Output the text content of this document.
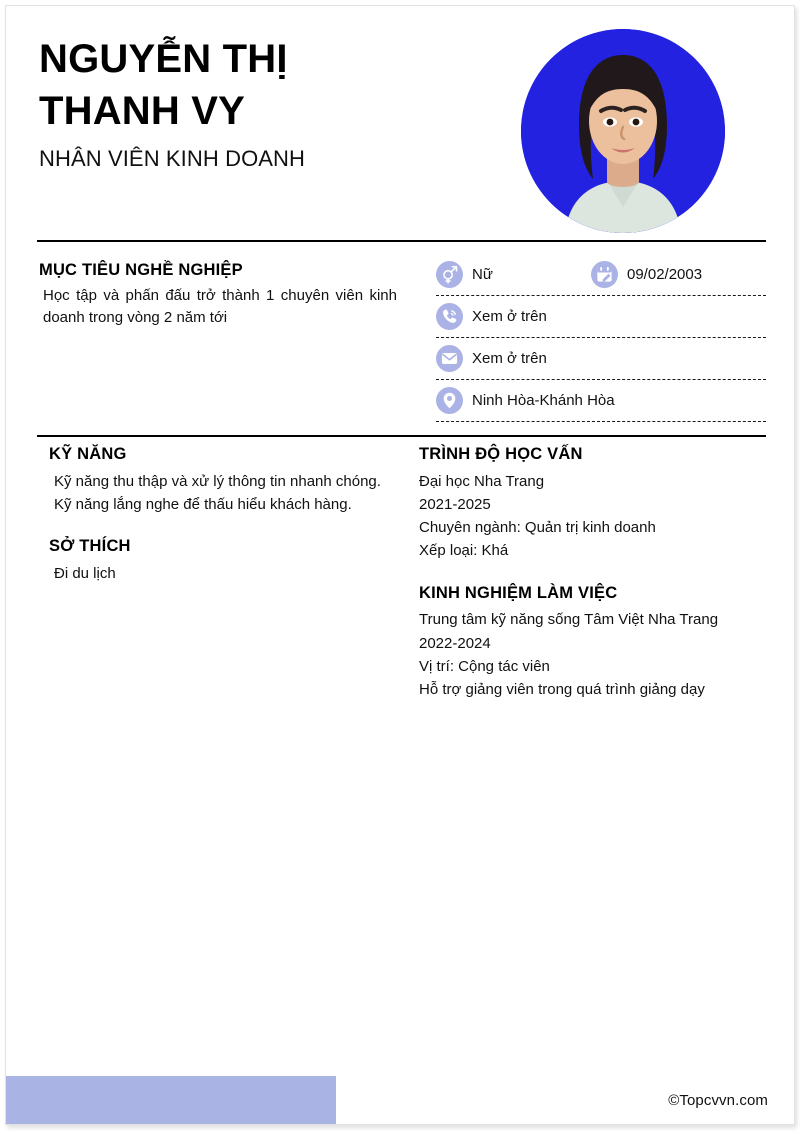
NGUYỄN THỊ
THANH VY
NHÂN VIÊN KINH DOANH
MỤC TIÊU NGHỀ NGHIỆP
Học tập và phấn đấu trở thành 1 chuyên viên kinh doanh trong vòng 2 năm tới
Nữ	09/02/2003
Xem ở trên
Xem ở trên
Ninh Hòa-Khánh Hòa
KỸ NĂNG
Kỹ năng thu thập và xử lý thông tin nhanh chóng.
Kỹ năng lắng nghe để thấu hiểu khách hàng.
SỞ THÍCH
Đi du lịch
TRÌNH ĐỘ HỌC VẤN
Đại học Nha Trang
2021-2025
Chuyên ngành: Quản trị kinh doanh
Xếp loại: Khá
KINH NGHIỆM LÀM VIỆC
Trung tâm kỹ năng sống Tâm Việt Nha Trang
2022-2024
Vị trí: Cộng tác viên
Hỗ trợ giảng viên trong quá trình giảng dạy
©Topcvvn.com
